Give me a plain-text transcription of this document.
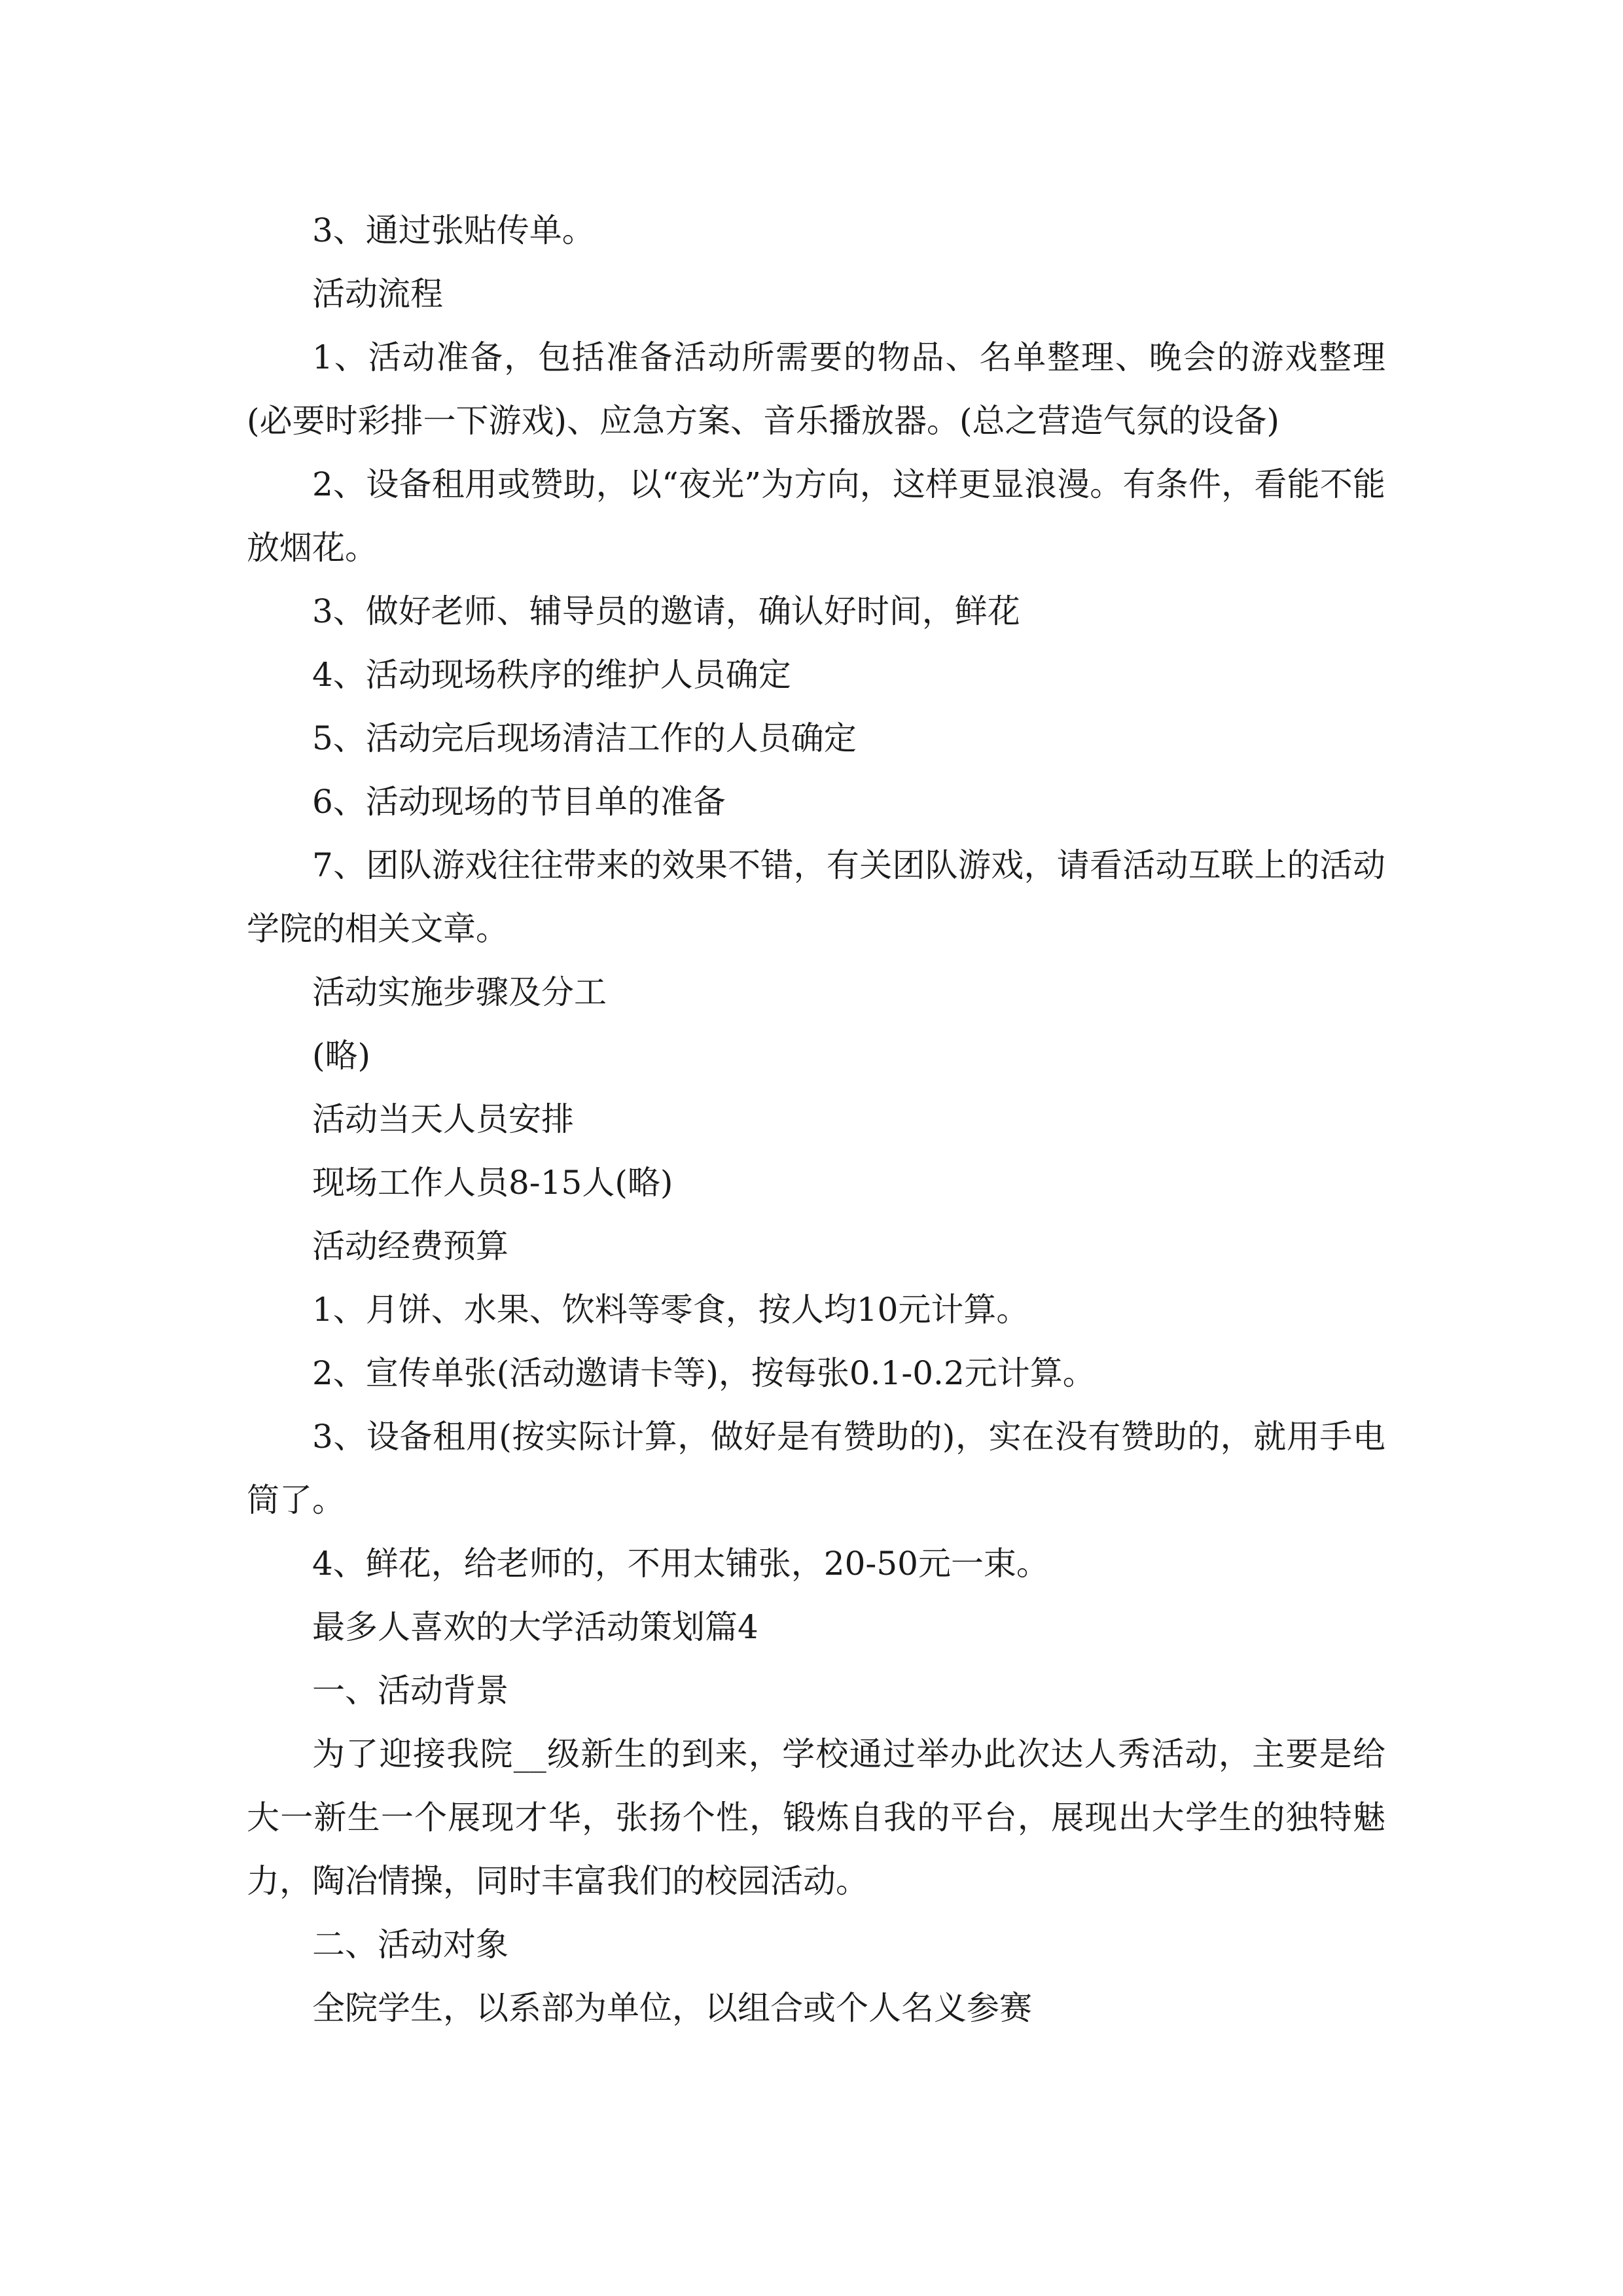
3、通过张贴传单。

活动流程

1、活动准备，包括准备活动所需要的物品、名单整理、晚会的游戏整理(必要时彩排一下游戏)、应急方案、音乐播放器。(总之营造气氛的设备)

2、设备租用或赞助，以“夜光”为方向，这样更显浪漫。有条件，看能不能放烟花。

3、做好老师、辅导员的邀请，确认好时间，鲜花

4、活动现场秩序的维护人员确定

5、活动完后现场清洁工作的人员确定

6、活动现场的节目单的准备

7、团队游戏往往带来的效果不错，有关团队游戏，请看活动互联上的活动学院的相关文章。

活动实施步骤及分工

(略)

活动当天人员安排

现场工作人员8-15人(略)

活动经费预算

1、月饼、水果、饮料等零食，按人均10元计算。

2、宣传单张(活动邀请卡等)，按每张0.1-0.2元计算。

3、设备租用(按实际计算，做好是有赞助的)，实在没有赞助的，就用手电筒了。

4、鲜花，给老师的，不用太铺张，20-50元一束。

最多人喜欢的大学活动策划篇4

一、活动背景

为了迎接我院__级新生的到来，学校通过举办此次达人秀活动，主要是给大一新生一个展现才华，张扬个性，锻炼自我的平台，展现出大学生的独特魅力，陶冶情操，同时丰富我们的校园活动。

二、活动对象

全院学生，以系部为单位，以组合或个人名义参赛
